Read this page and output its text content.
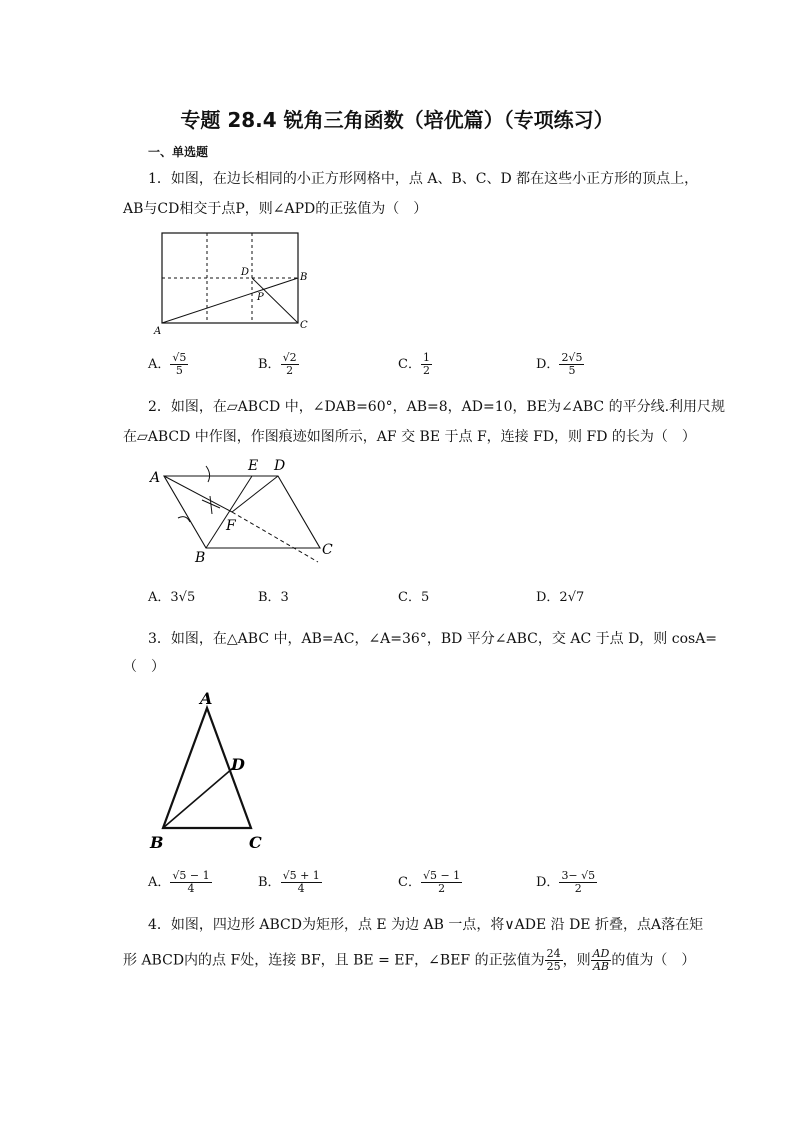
专题 28.4 锐角三角函数（培优篇）（专项练习）
一、单选题
1．如图，在边长相同的小正方形网格中，点 A、B、C、D 都在这些小正方形的顶点上，
AB与CD相交于点P，则∠APD的正弦值为（　）
A
B
C
D
P
A． $\frac{√5}{5}$	B． $\frac{√2}{2}$	C． $\frac{1}{2}$	D． $\frac{2√5}{5}$
2．如图，在▱ABCD 中，∠DAB=60°，AB=8，AD=10，BE为∠ABC 的平分线.利用尺规
在▱ABCD 中作图，作图痕迹如图所示，AF 交 BE 于点 F，连接 FD，则 FD 的长为（　）
A
B	C
D
E
F
A．3√5	B．3	C．5	D．2√7
3．如图，在△ABC 中，AB=AC，∠A=36°，BD 平分∠ABC，交 AC 于点 D，则 cosA=
（　）
A
B	C
D
A． $\frac{√5 - 1}{4}$	B． $\frac{√5 + 1}{4}$	C． $\frac{√5 - 1}{2}$	D． $\frac{3- √5}{2}$
4．如图，四边形 ABCD为矩形，点 E 为边 AB 一点，将∨ADE 沿 DE 折叠，点A落在矩
形 ABCD内的点 F处，连接 BF，且 BE = EF，∠BEF 的正弦值为 $\frac{24}{25}$ ，则 $\frac{AD}{AB}$ 的值为（　）
